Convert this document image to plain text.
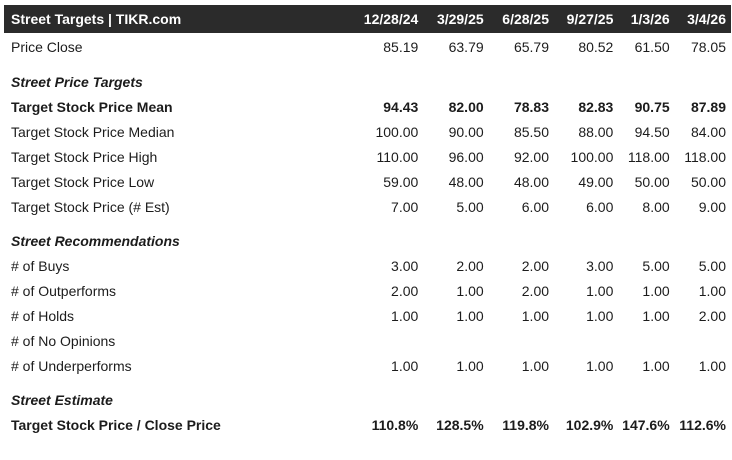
Street Targets | TIKR.com	12/28/24	3/29/25	6/28/25	9/27/25	1/3/26	3/4/26
Price Close	85.19	63.79	65.79	80.52	61.50	78.05

Street Price Targets						
Target Stock Price Mean	94.43	82.00	78.83	82.83	90.75	87.89
Target Stock Price Median	100.00	90.00	85.50	88.00	94.50	84.00
Target Stock Price High	110.00	96.00	92.00	100.00	118.00	118.00
Target Stock Price Low	59.00	48.00	48.00	49.00	50.00	50.00
Target Stock Price (# Est)	7.00	5.00	6.00	6.00	8.00	9.00

Street Recommendations						
# of Buys	3.00	2.00	2.00	3.00	5.00	5.00
# of Outperforms	2.00	1.00	2.00	1.00	1.00	1.00
# of Holds	1.00	1.00	1.00	1.00	1.00	2.00
# of No Opinions						
# of Underperforms	1.00	1.00	1.00	1.00	1.00	1.00

Street Estimate						
Target Stock Price / Close Price	110.8%	128.5%	119.8%	102.9%	147.6%	112.6%
